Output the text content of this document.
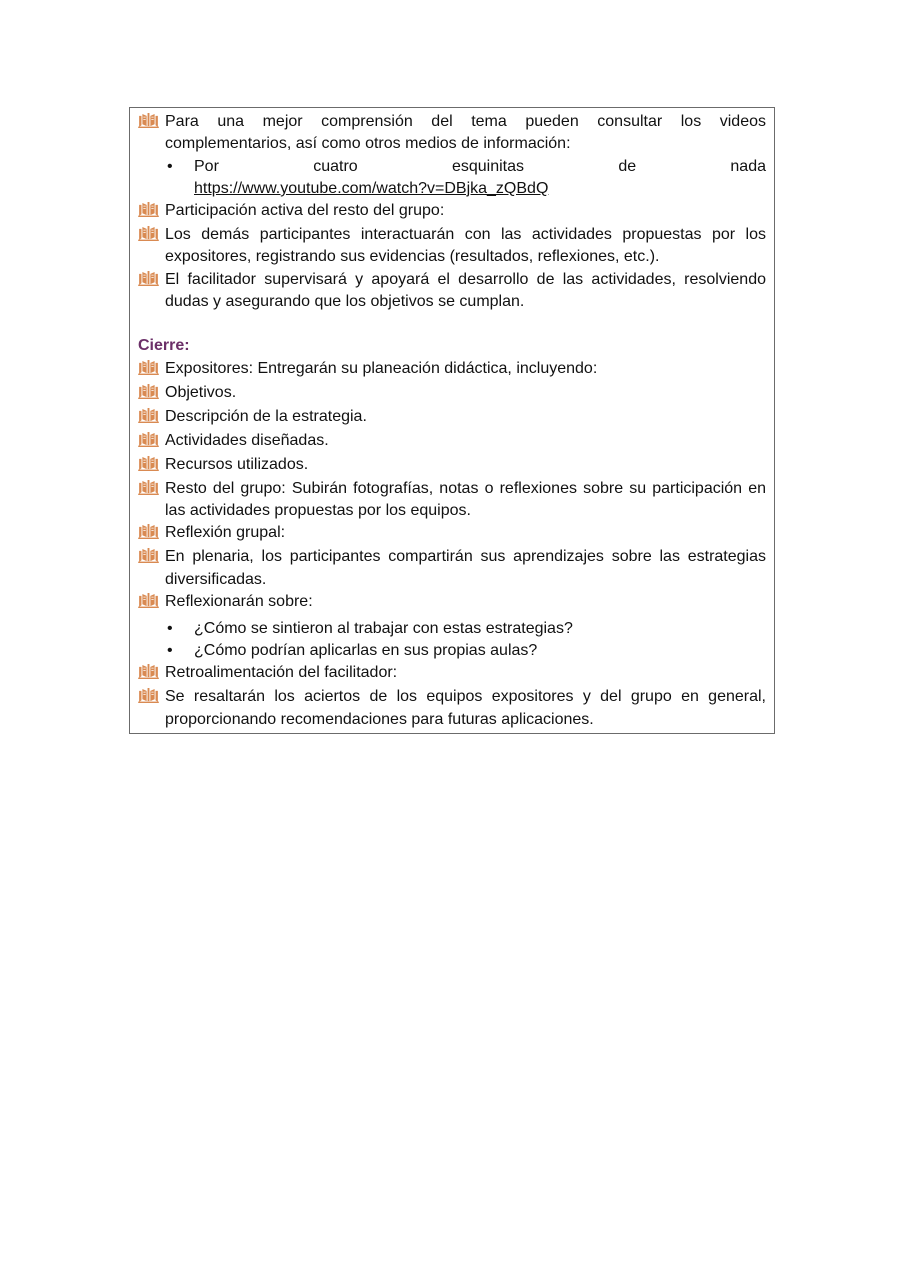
Para una mejor comprensión del tema pueden consultar los videos complementarios, así como otros medios de información:
•	Por	cuatro	esquinitas	de	nada
https://www.youtube.com/watch?v=DBjka_zQBdQ
Participación activa del resto del grupo:
Los demás participantes interactuarán con las actividades propuestas por los expositores, registrando sus evidencias (resultados, reflexiones, etc.).
El facilitador supervisará y apoyará el desarrollo de las actividades, resolviendo dudas y asegurando que los objetivos se cumplan.
Cierre:
Expositores: Entregarán su planeación didáctica, incluyendo:
Objetivos.
Descripción de la estrategia.
Actividades diseñadas.
Recursos utilizados.
Resto del grupo: Subirán fotografías, notas o reflexiones sobre su participación en las actividades propuestas por los equipos.
Reflexión grupal:
En plenaria, los participantes compartirán sus aprendizajes sobre las estrategias diversificadas.
Reflexionarán sobre:
•	¿Cómo se sintieron al trabajar con estas estrategias?
•	¿Cómo podrían aplicarlas en sus propias aulas?
Retroalimentación del facilitador:
Se resaltarán los aciertos de los equipos expositores y del grupo en general, proporcionando recomendaciones para futuras aplicaciones.
